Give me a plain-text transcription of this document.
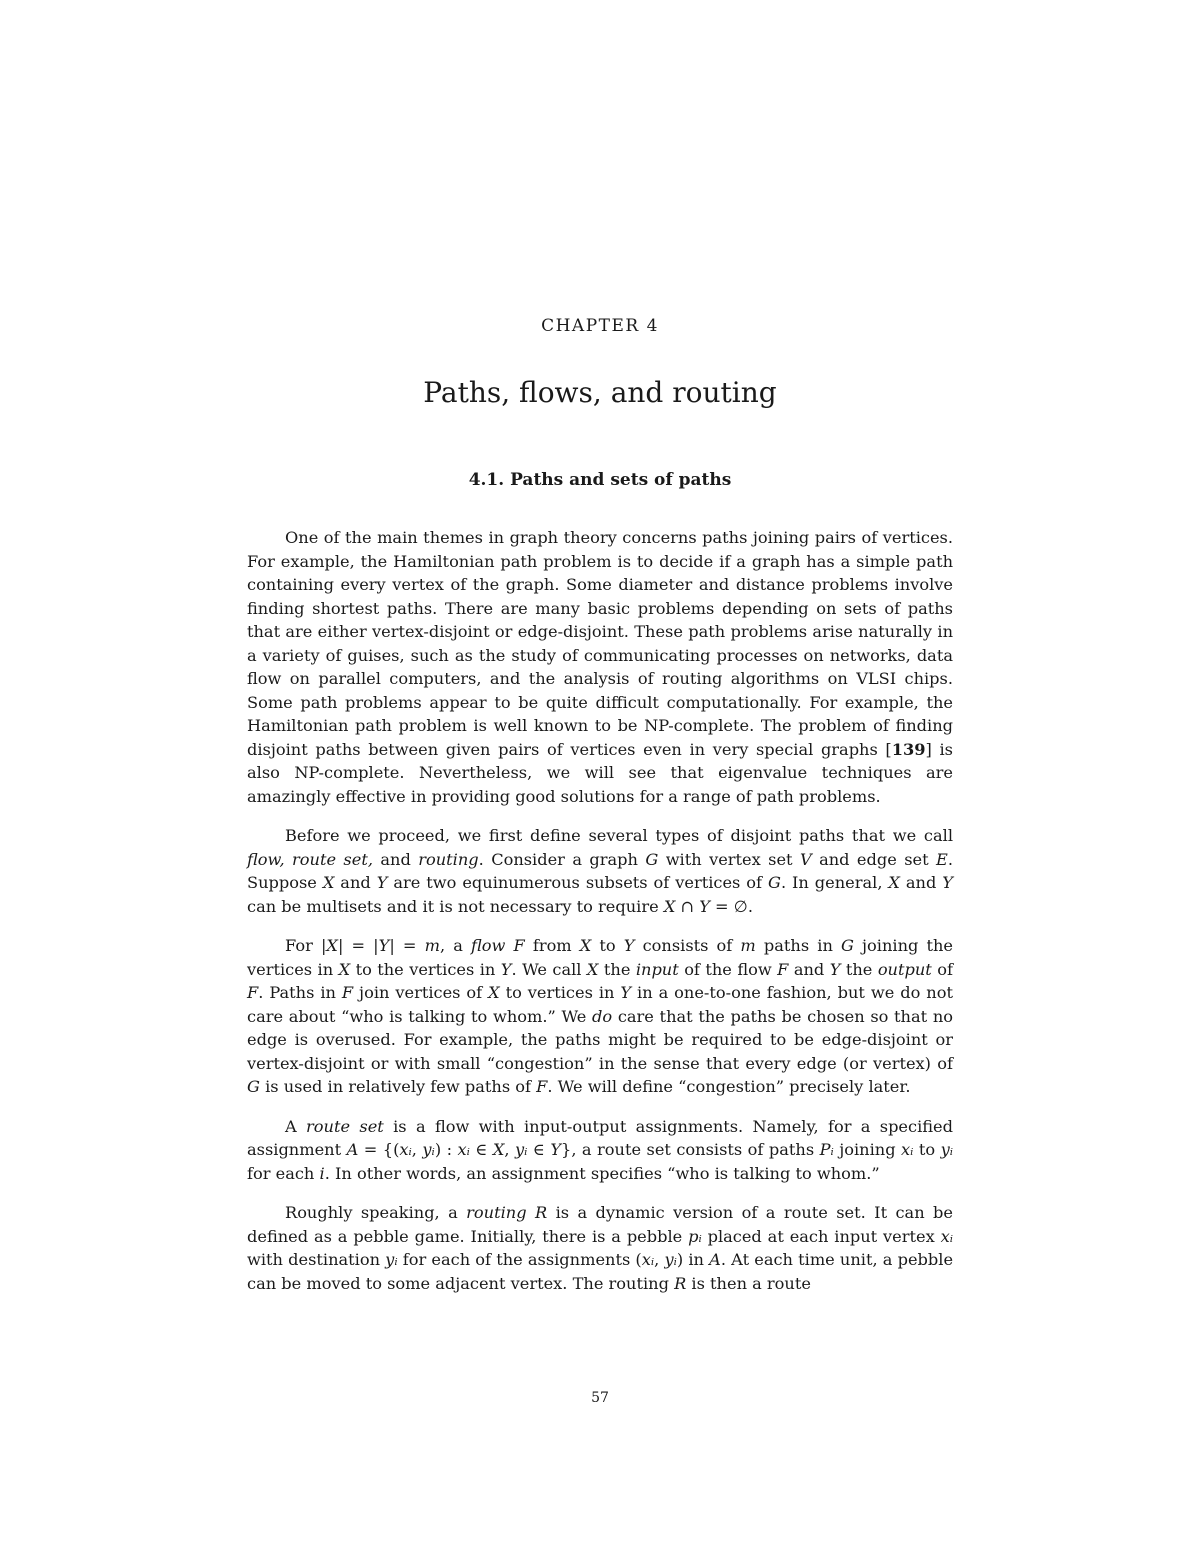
CHAPTER 4
Paths, flows, and routing
4.1. Paths and sets of paths

One of the main themes in graph theory concerns paths joining pairs of vertices. For example, the Hamiltonian path problem is to decide if a graph has a simple path containing every vertex of the graph. Some diameter and distance problems involve finding shortest paths. There are many basic problems depending on sets of paths that are either vertex-disjoint or edge-disjoint. These path problems arise naturally in a variety of guises, such as the study of communicating processes on networks, data flow on parallel computers, and the analysis of routing algorithms on VLSI chips. Some path problems appear to be quite difficult computationally. For example, the Hamiltonian path problem is well known to be NP-complete. The problem of finding disjoint paths between given pairs of vertices even in very special graphs [139] is also NP-complete. Nevertheless, we will see that eigenvalue techniques are amazingly effective in providing good solutions for a range of path problems.

Before we proceed, we first define several types of disjoint paths that we call flow, route set, and routing. Consider a graph G with vertex set V and edge set E. Suppose X and Y are two equinumerous subsets of vertices of G. In general, X and Y can be multisets and it is not necessary to require X ∩ Y = ∅.

For |X| = |Y| = m, a flow F from X to Y consists of m paths in G joining the vertices in X to the vertices in Y. We call X the input of the flow F and Y the output of F. Paths in F join vertices of X to vertices in Y in a one-to-one fashion, but we do not care about “who is talking to whom.” We do care that the paths be chosen so that no edge is overused. For example, the paths might be required to be edge-disjoint or vertex-disjoint or with small “congestion” in the sense that every edge (or vertex) of G is used in relatively few paths of F. We will define “congestion” precisely later.

A route set is a flow with input-output assignments. Namely, for a specified assignment A = {(xᵢ, yᵢ) : xᵢ ∈ X, yᵢ ∈ Y}, a route set consists of paths Pᵢ joining xᵢ to yᵢ for each i. In other words, an assignment specifies “who is talking to whom.”

Roughly speaking, a routing R is a dynamic version of a route set. It can be defined as a pebble game. Initially, there is a pebble pᵢ placed at each input vertex xᵢ with destination yᵢ for each of the assignments (xᵢ, yᵢ) in A. At each time unit, a pebble can be moved to some adjacent vertex. The routing R is then a route

57
